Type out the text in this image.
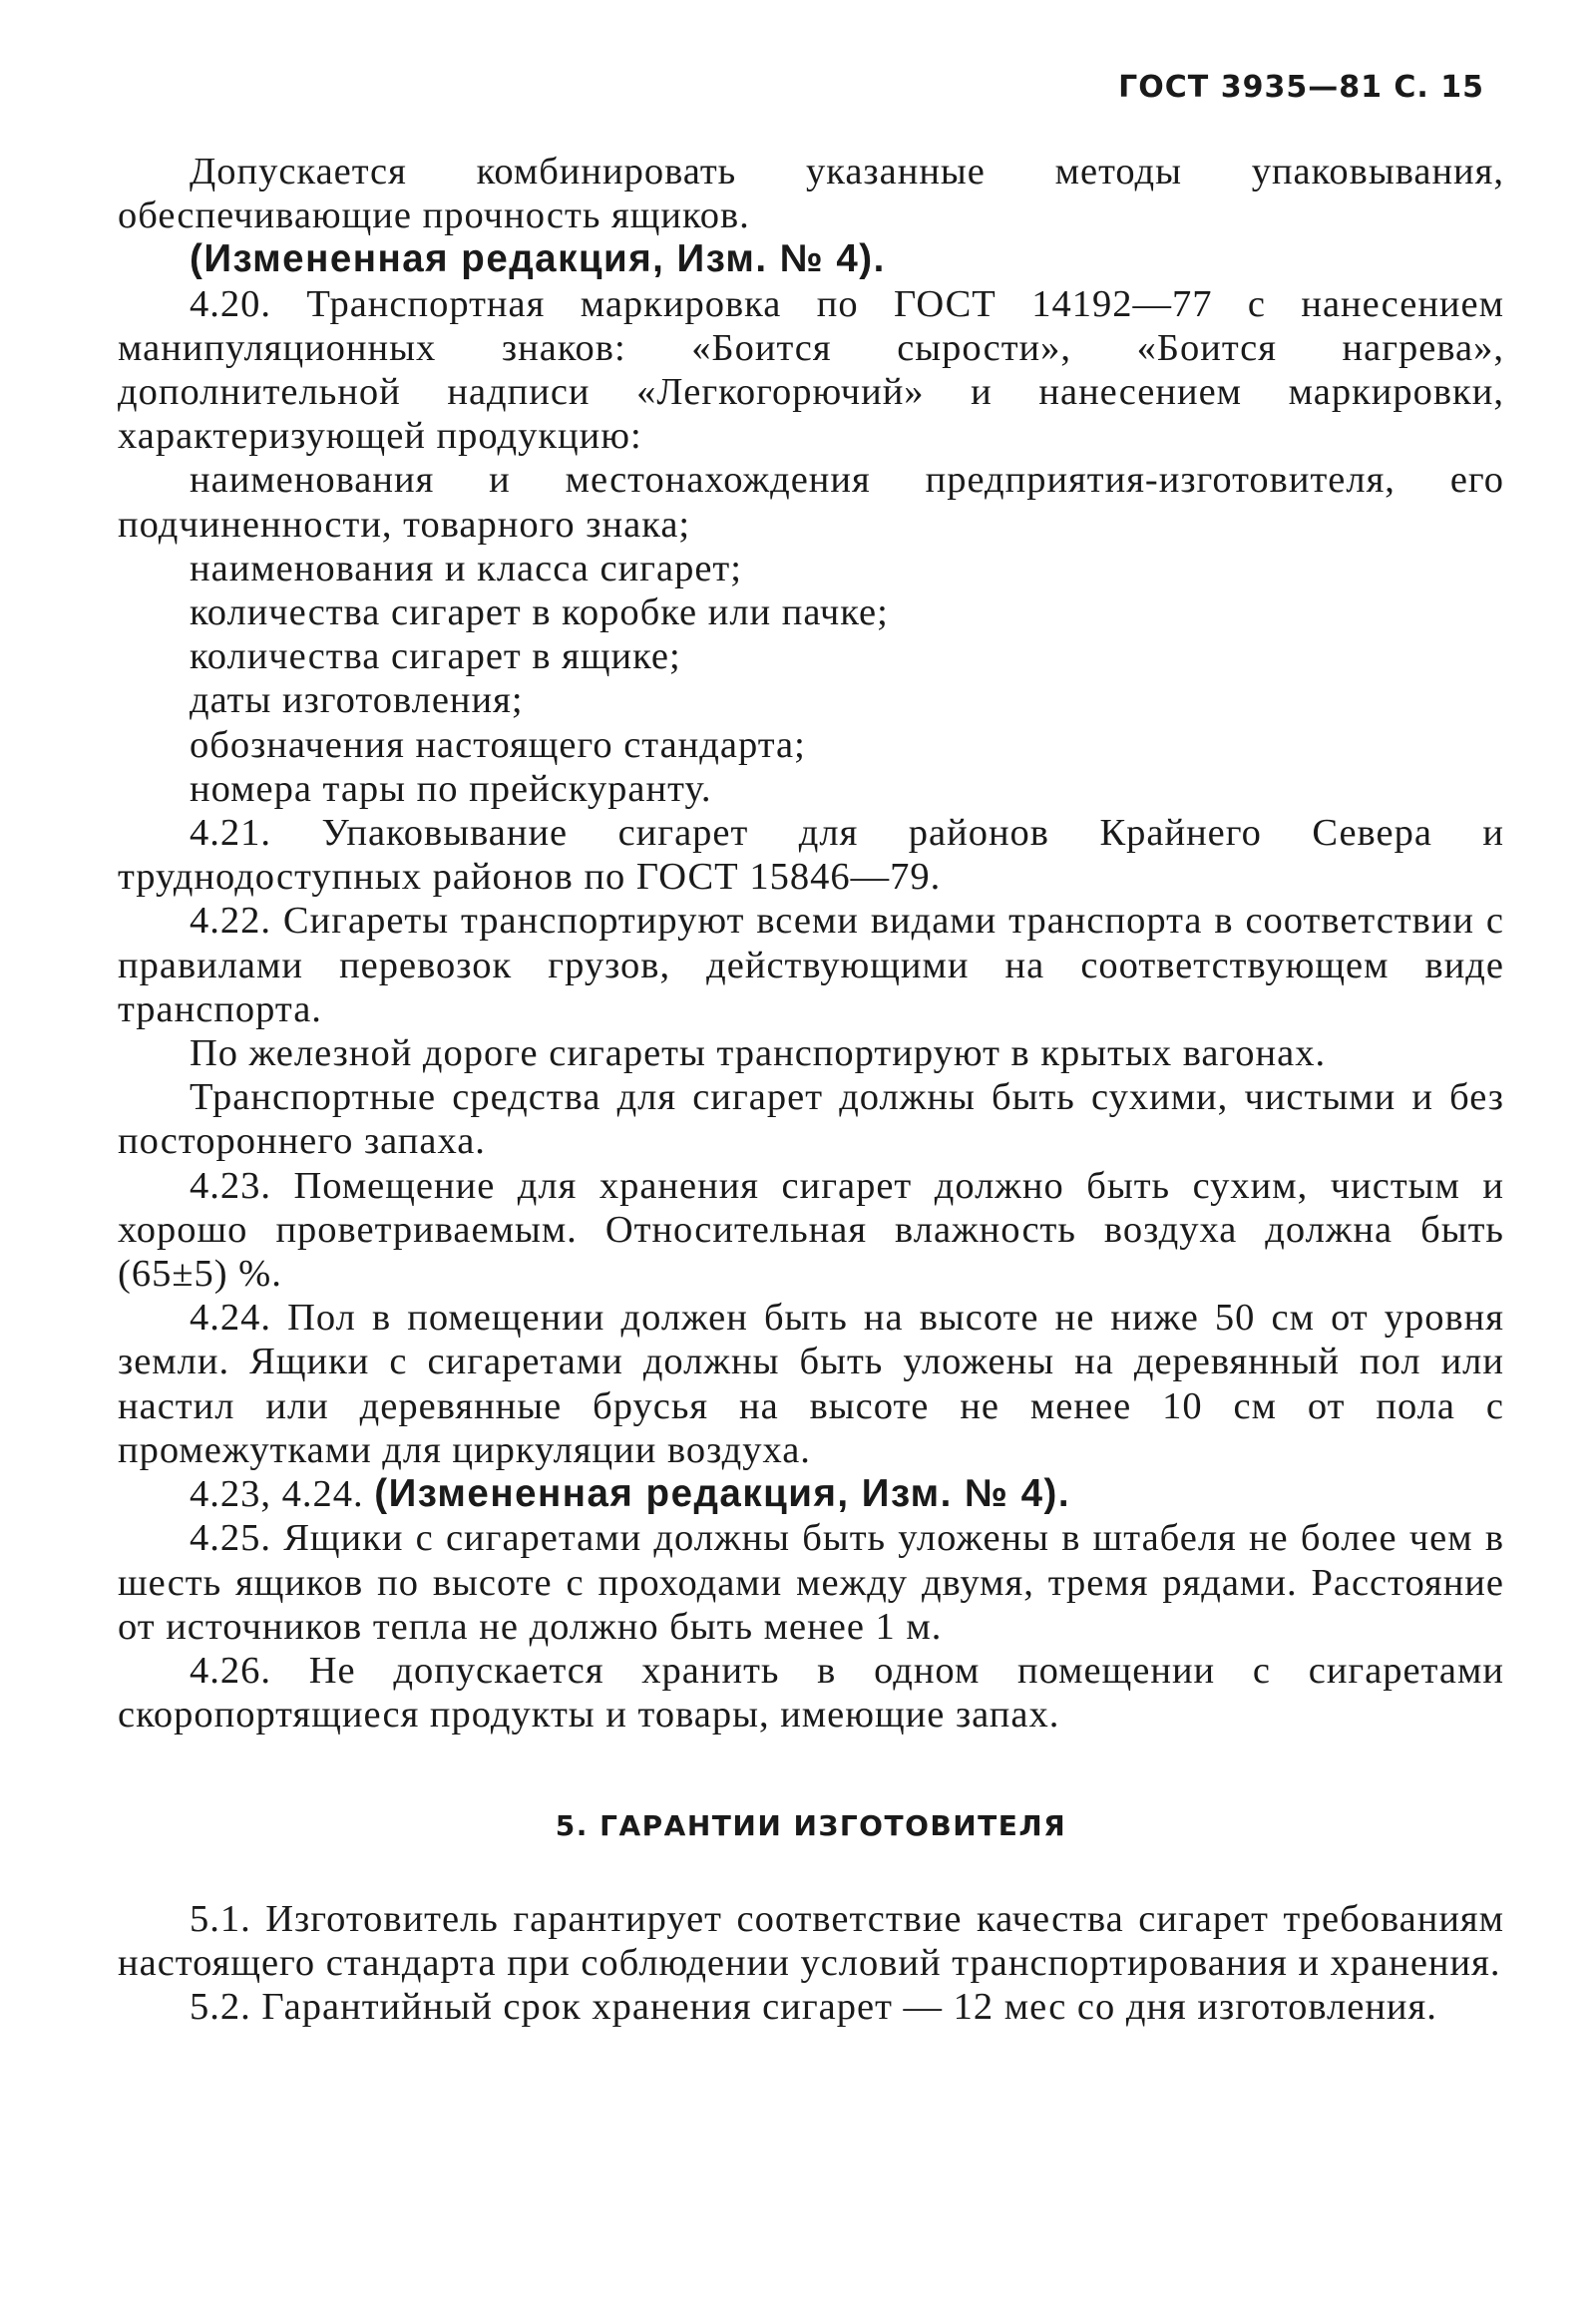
ГОСТ 3935—81 С. 15

Допускается комбинировать указанные методы упаковывания, обеспечивающие прочность ящиков.

(Измененная редакция, Изм. № 4).

4.20. Транспортная маркировка по ГОСТ 14192—77 с нанесением манипуляционных знаков: «Боится сырости», «Боится нагрева», дополнительной надписи «Легкогорючий» и нанесением маркировки, характеризующей продукцию:

наименования и местонахождения предприятия-изготовителя, его подчиненности, товарного знака;

наименования и класса сигарет;

количества сигарет в коробке или пачке;

количества сигарет в ящике;

даты изготовления;

обозначения настоящего стандарта;

номера тары по прейскуранту.

4.21. Упаковывание сигарет для районов Крайнего Севера и труднодоступных районов по ГОСТ 15846—79.

4.22. Сигареты транспортируют всеми видами транспорта в соответствии с правилами перевозок грузов, действующими на соответствующем виде транспорта.

По железной дороге сигареты транспортируют в крытых вагонах.

Транспортные средства для сигарет должны быть сухими, чистыми и без постороннего запаха.

4.23. Помещение для хранения сигарет должно быть сухим, чистым и хорошо проветриваемым. Относительная влажность воздуха должна быть (65±5) %.

4.24. Пол в помещении должен быть на высоте не ниже 50 см от уровня земли. Ящики с сигаретами должны быть уложены на деревянный пол или настил или деревянные брусья на высоте не менее 10 см от пола с промежутками для циркуляции воздуха.

4.23, 4.24. (Измененная редакция, Изм. № 4).

4.25. Ящики с сигаретами должны быть уложены в штабеля не более чем в шесть ящиков по высоте с проходами между двумя, тремя рядами. Расстояние от источников тепла не должно быть менее 1 м.

4.26. Не допускается хранить в одном помещении с сигаретами скоропортящиеся продукты и товары, имеющие запах.

5. ГАРАНТИИ ИЗГОТОВИТЕЛЯ

5.1. Изготовитель гарантирует соответствие качества сигарет требованиям настоящего стандарта при соблюдении условий транспортирования и хранения.

5.2. Гарантийный срок хранения сигарет — 12 мес со дня изготовления.
